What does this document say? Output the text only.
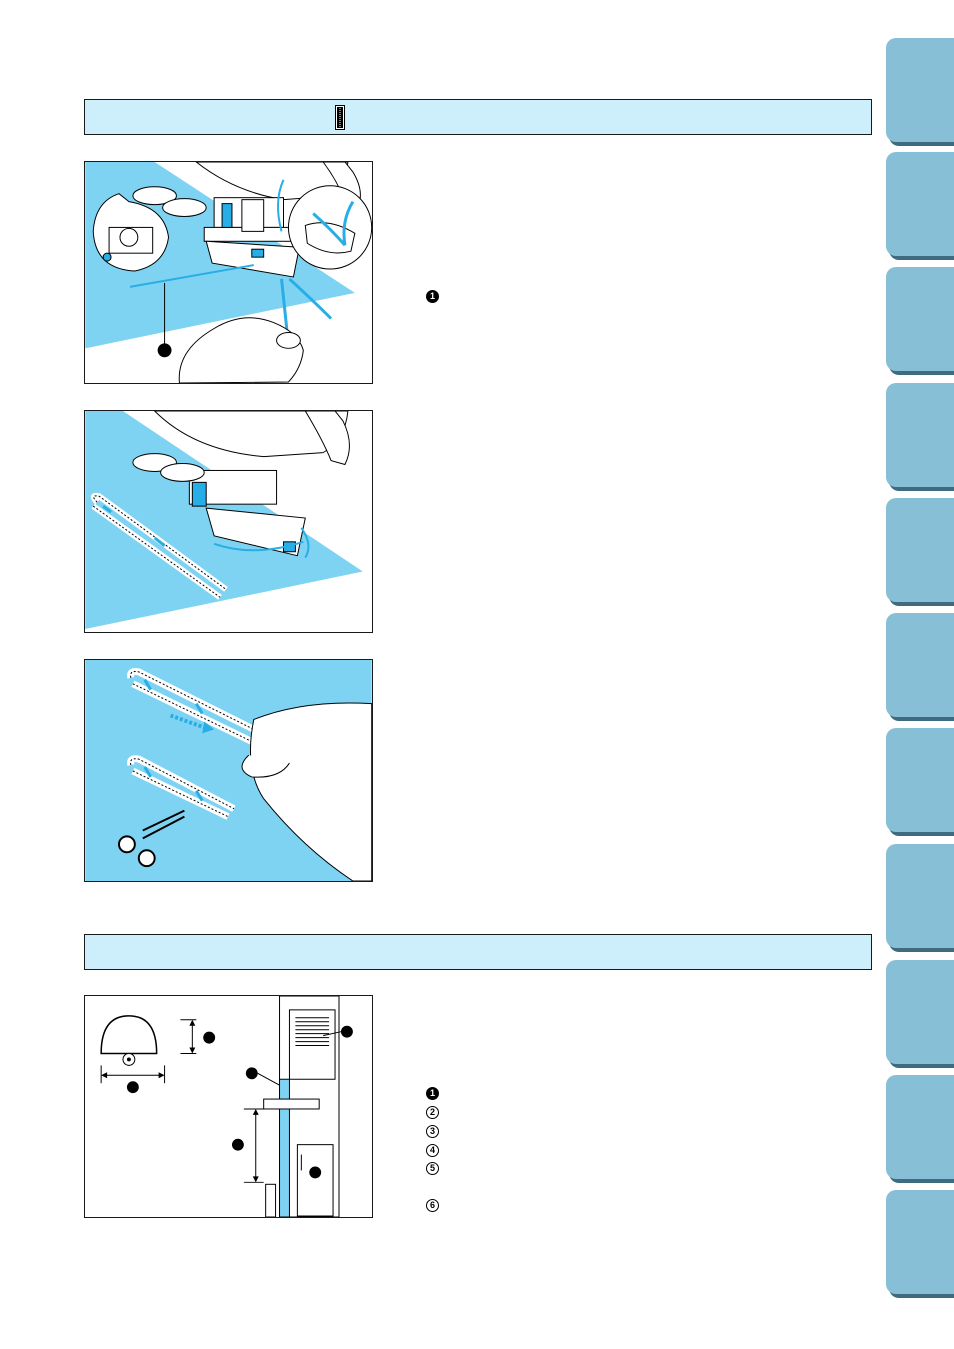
1
1
2
3
4
5
6
